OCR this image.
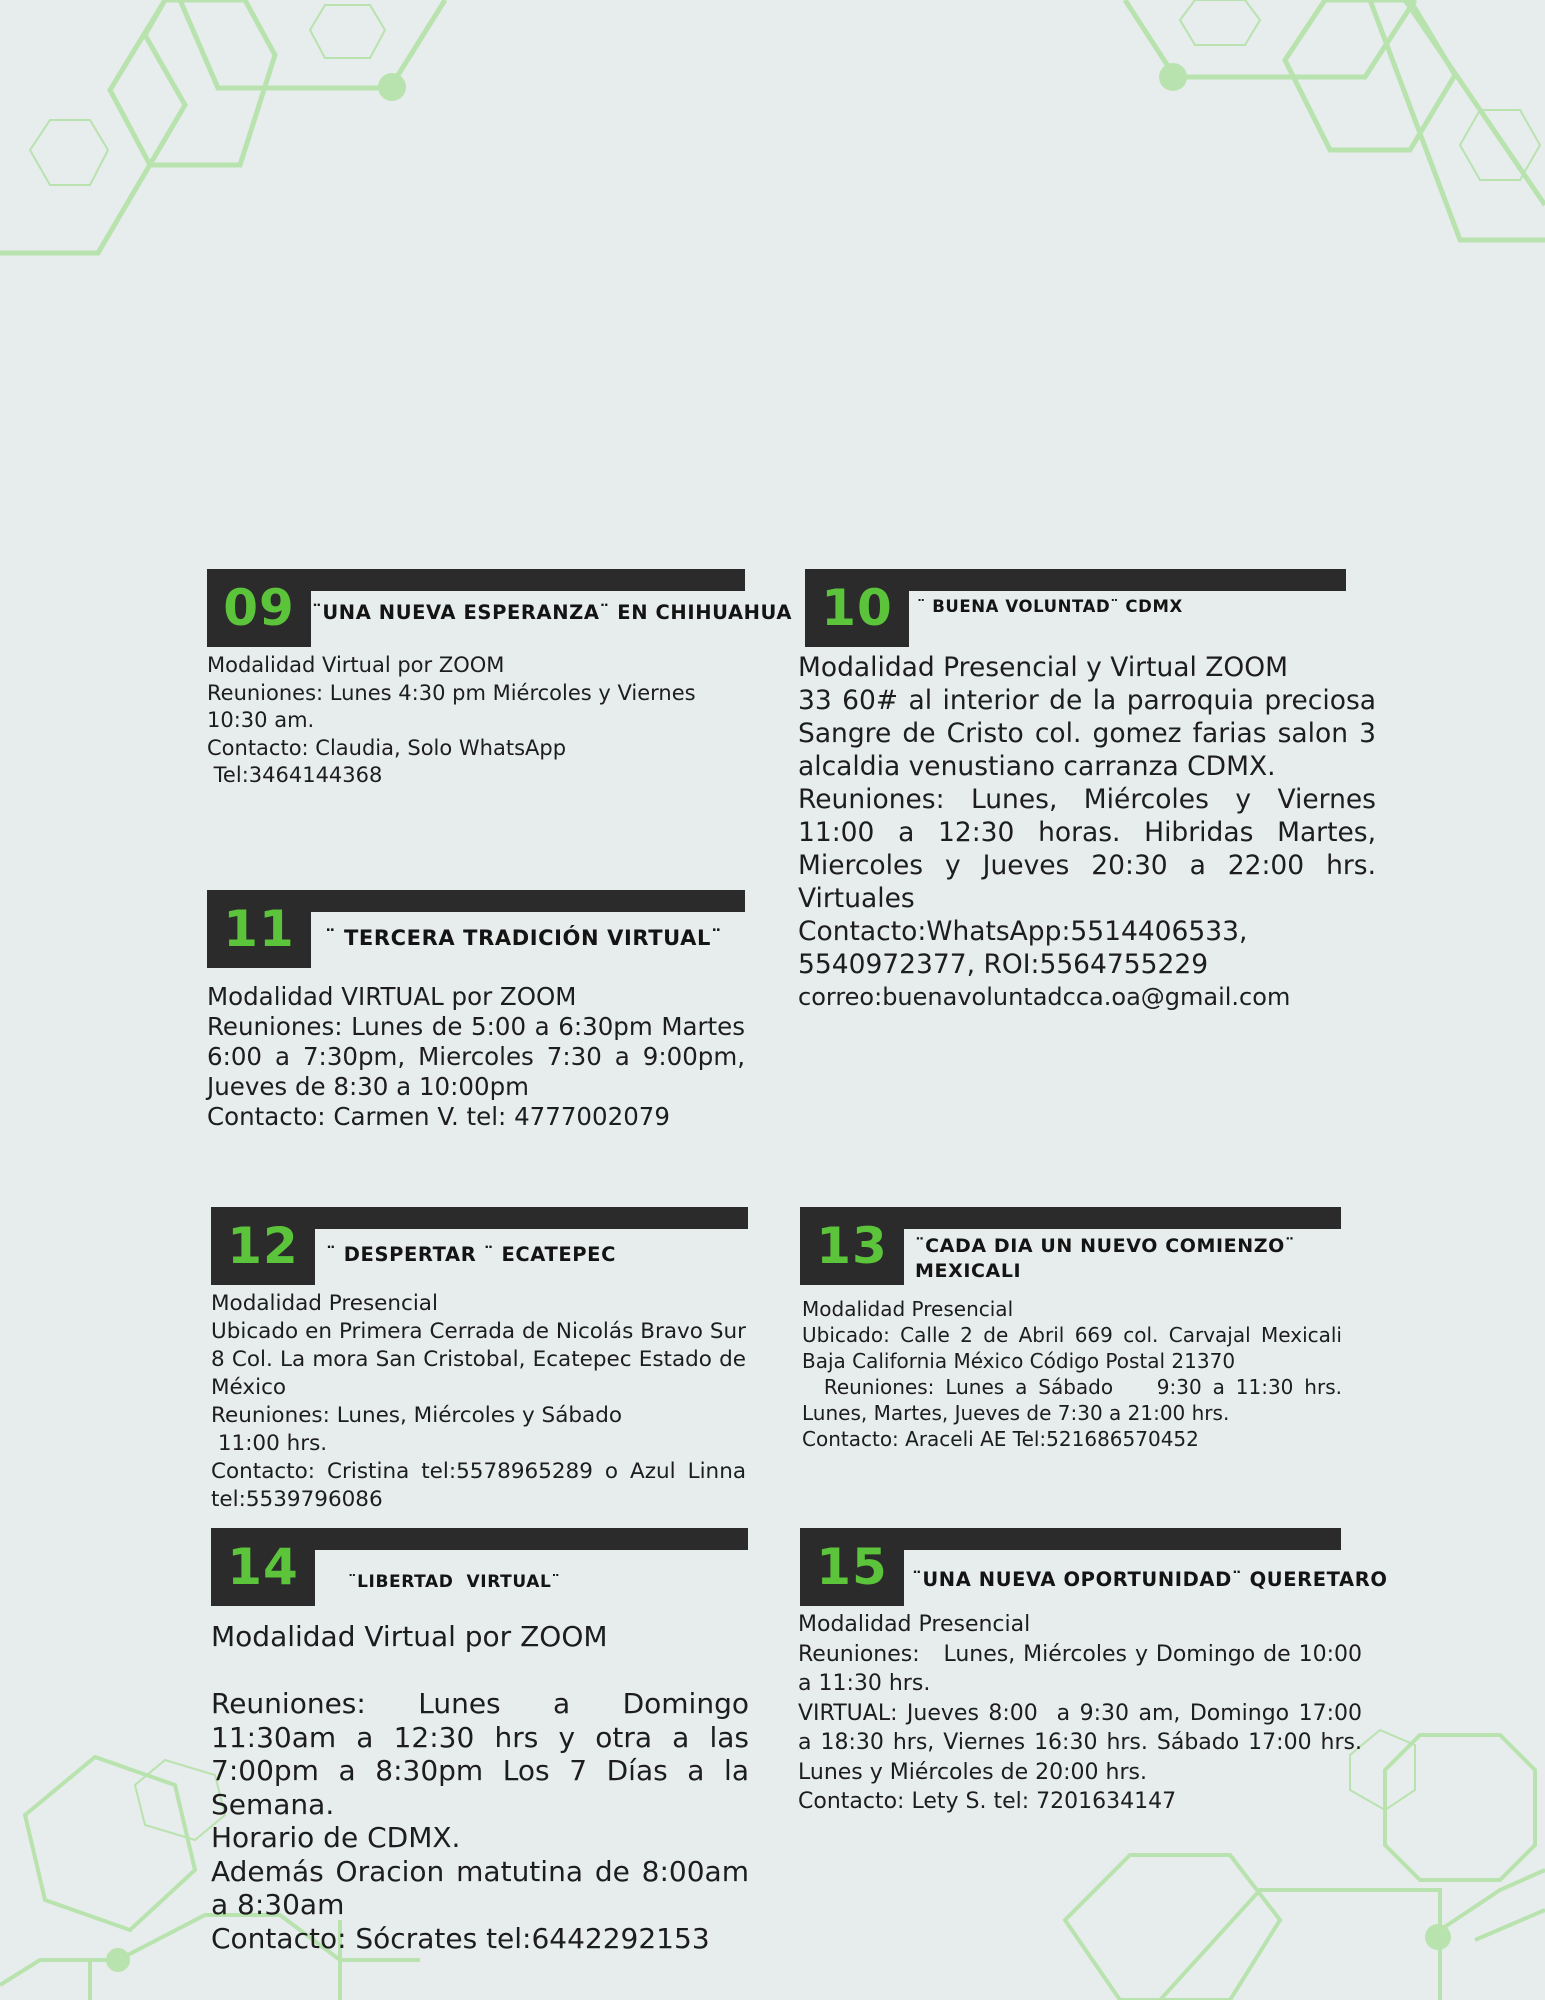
09 ¨UNA NUEVA ESPERANZA¨ EN CHIHUAHUA
Modalidad Virtual por ZOOM
Reuniones: Lunes 4:30 pm Miércoles y Viernes
10:30 am.
Contacto: Claudia, Solo WhatsApp
Tel:3464144368
10	¨ BUENA VOLUNTAD¨ CDMX
Modalidad Presencial y Virtual ZOOM
33 60# al interior de la parroquia preciosa Sangre de Cristo col. gomez farias salon 3 alcaldia venustiano carranza CDMX.
Reuniones: Lunes, Miércoles y Viernes 11:00 a 12:30 horas. Hibridas Martes, Miercoles y Jueves 20:30 a 22:00 hrs. Virtuales
Contacto:WhatsApp:5514406533,
5540972377, ROI:5564755229
correo:buenavoluntadcca.oa@gmail.com
11	¨ TERCERA TRADICIÓN VIRTUAL¨
Modalidad VIRTUAL por ZOOM
Reuniones: Lunes de 5:00 a 6:30pm Martes 6:00 a 7:30pm, Miercoles 7:30 a 9:00pm, Jueves de 8:30 a 10:00pm
Contacto: Carmen V. tel: 4777002079
12	¨ DESPERTAR ¨ ECATEPEC
Modalidad Presencial
Ubicado en Primera Cerrada de Nicolás Bravo Sur 8 Col. La mora San Cristobal, Ecatepec Estado de México
Reuniones: Lunes, Miércoles y Sábado
11:00 hrs.
Contacto: Cristina tel:5578965289 o Azul Linna tel:5539796086
13	¨CADA DIA UN NUEVO COMIENZO¨
MEXICALI
Modalidad Presencial
Ubicado: Calle 2 de Abril 669 col. Carvajal Mexicali Baja California México Código Postal 21370
Reuniones: Lunes a Sábado    9:30 a 11:30 hrs. Lunes, Martes, Jueves de 7:30 a 21:00 hrs.
Contacto: Araceli AE Tel:521686570452
14	¨LIBERTAD  VIRTUAL¨
Modalidad Virtual por ZOOM
Reuniones: Lunes a Domingo 11:30am a 12:30 hrs y otra a las 7:00pm a 8:30pm Los 7 Días a la Semana.
Horario de CDMX.
Además Oracion matutina de 8:00am a 8:30am
Contacto: Sócrates tel:6442292153
15	¨UNA NUEVA OPORTUNIDAD¨ QUERETARO
Modalidad Presencial
Reuniones:   Lunes, Miércoles y Domingo de 10:00 a 11:30 hrs.
VIRTUAL: Jueves 8:00  a 9:30 am, Domingo 17:00 a 18:30 hrs, Viernes 16:30 hrs. Sábado 17:00 hrs. Lunes y Miércoles de 20:00 hrs.
Contacto: Lety S. tel: 7201634147
